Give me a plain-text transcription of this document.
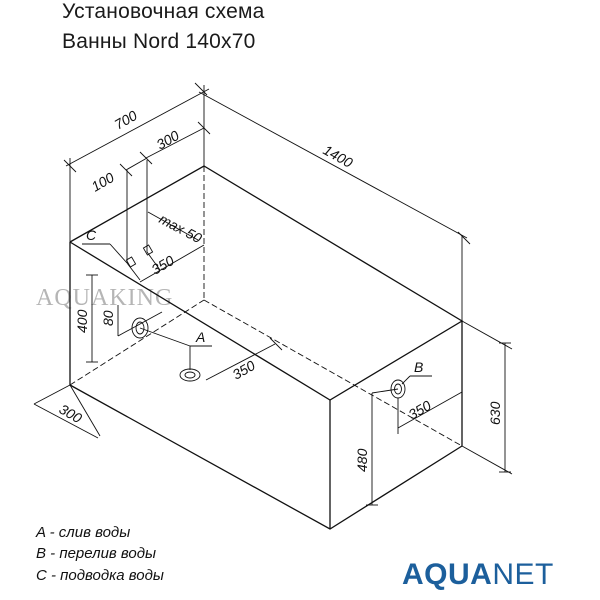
Установочная схема
Ванны Nord 140x70
AQUAKING
1400
700
300
100
C	max 50
350
400 80
A
350
300
B
350
480
630
A - слив воды
B - перелив воды
C - подводка воды	AQUANET
